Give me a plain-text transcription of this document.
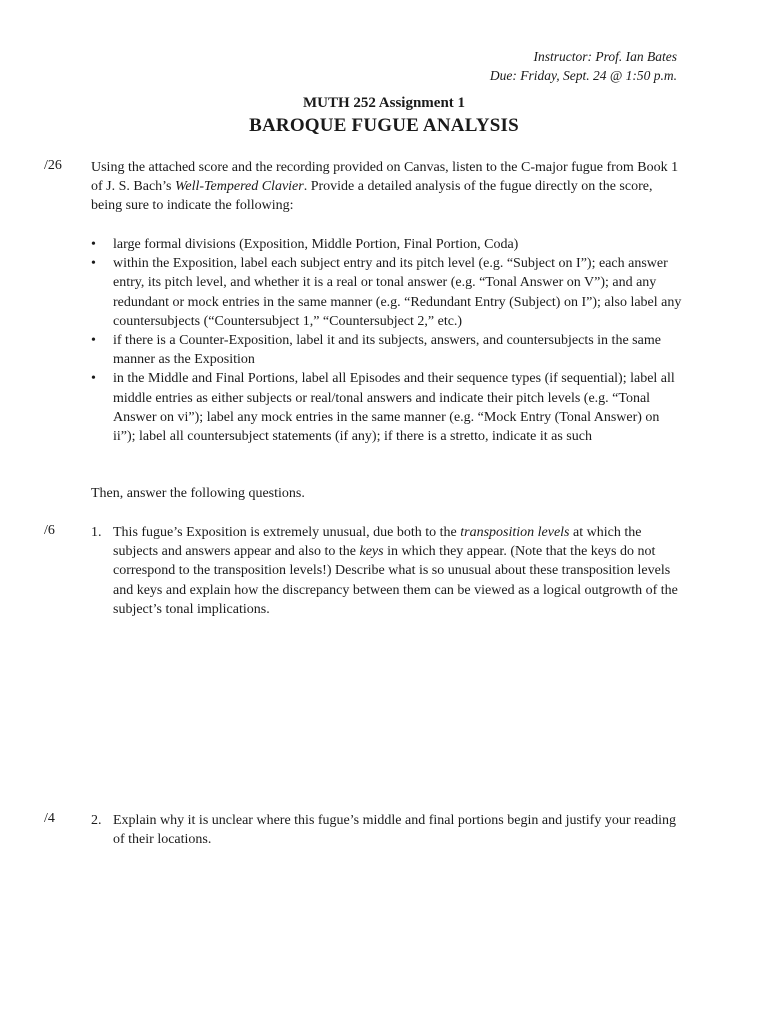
Instructor: Prof. Ian Bates
Due: Friday, Sept. 24 @ 1:50 p.m.
MUTH 252 Assignment 1
BAROQUE FUGUE ANALYSIS
/26 Using the attached score and the recording provided on Canvas, listen to the C-major fugue from Book 1 of J. S. Bach’s Well-Tempered Clavier. Provide a detailed analysis of the fugue directly on the score, being sure to indicate the following:

• large formal divisions (Exposition, Middle Portion, Final Portion, Coda)
• within the Exposition, label each subject entry and its pitch level (e.g. “Subject on I”); each answer entry, its pitch level, and whether it is a real or tonal answer (e.g. “Tonal Answer on V”); and any redundant or mock entries in the same manner (e.g. “Redundant Entry (Subject) on I”); also label any countersubjects (“Countersubject 1,” “Countersubject 2,” etc.)
• if there is a Counter-Exposition, label it and its subjects, answers, and countersubjects in the same manner as the Exposition
• in the Middle and Final Portions, label all Episodes and their sequence types (if sequential); label all middle entries as either subjects or real/tonal answers and indicate their pitch levels (e.g. “Tonal Answer on vi”); label any mock entries in the same manner (e.g. “Mock Entry (Tonal Answer) on ii”); label all countersubject statements (if any); if there is a stretto, indicate it as such

Then, answer the following questions.

/6	1. This fugue’s Exposition is extremely unusual, due both to the transposition levels at which the subjects and answers appear and also to the keys in which they appear. (Note that the keys do not correspond to the transposition levels!) Describe what is so unusual about these transposition levels and keys and explain how the discrepancy between them can be viewed as a logical outgrowth of the subject’s tonal implications.
/4	2. Explain why it is unclear where this fugue’s middle and final portions begin and justify your reading of their locations.
